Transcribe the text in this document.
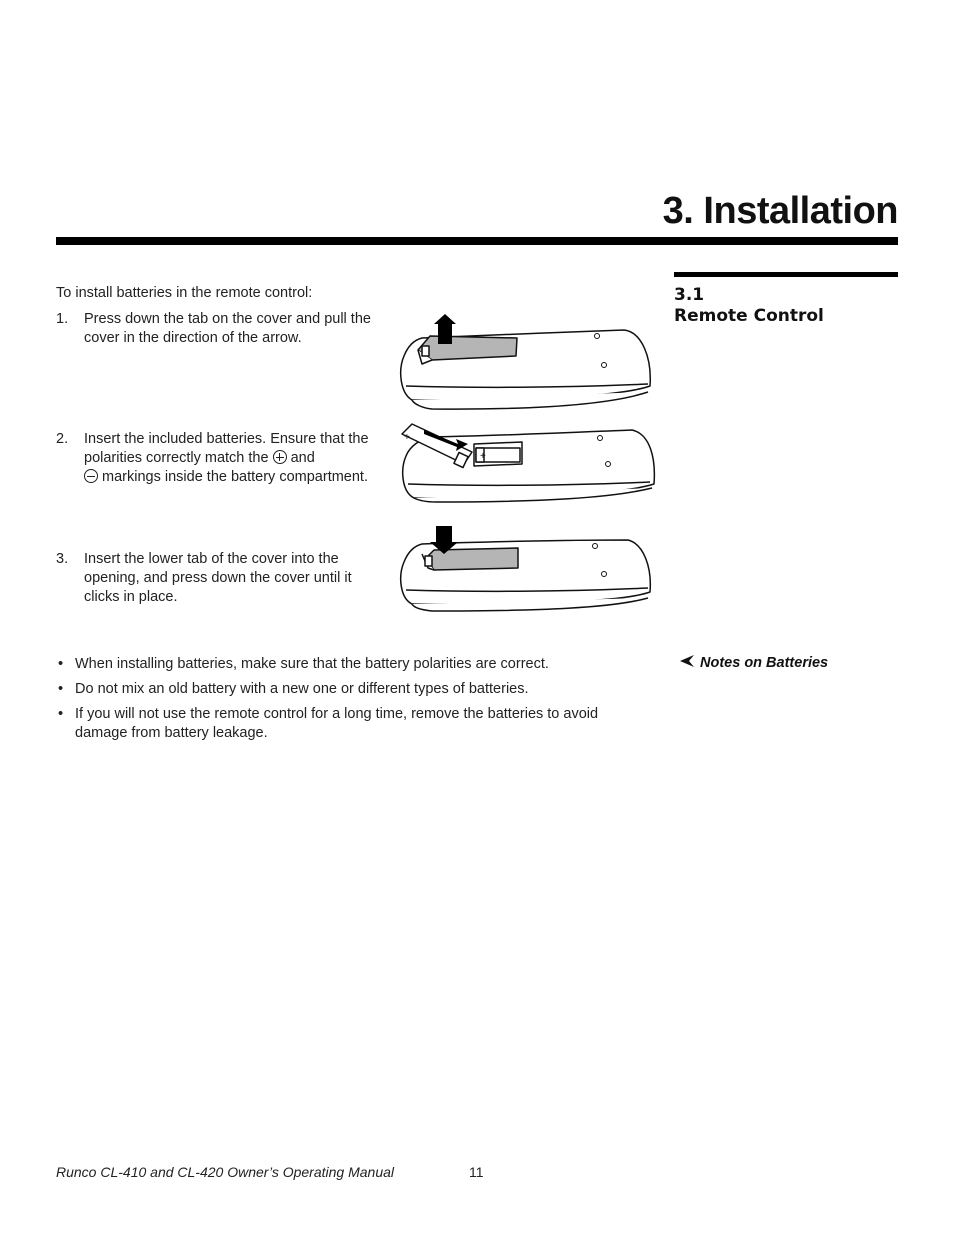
3. Installation
3.1
Remote Control
To install batteries in the remote control:
1. Press down the tab on the cover and pull the cover in the direction of the arrow.
2. Insert the included batteries. Ensure that the polarities correctly match the and
markings inside the battery compartment.
3. Insert the lower tab of the cover into the opening, and press down the cover until it clicks in place.
+
+
• When installing batteries, make sure that the battery polarities are correct.
• Do not mix an old battery with a new one or different types of batteries.
• If you will not use the remote control for a long time, remove the batteries to avoid damage from battery leakage.
Notes on Batteries
Runco CL-410 and CL-420 Owner’s Operating Manual	11
